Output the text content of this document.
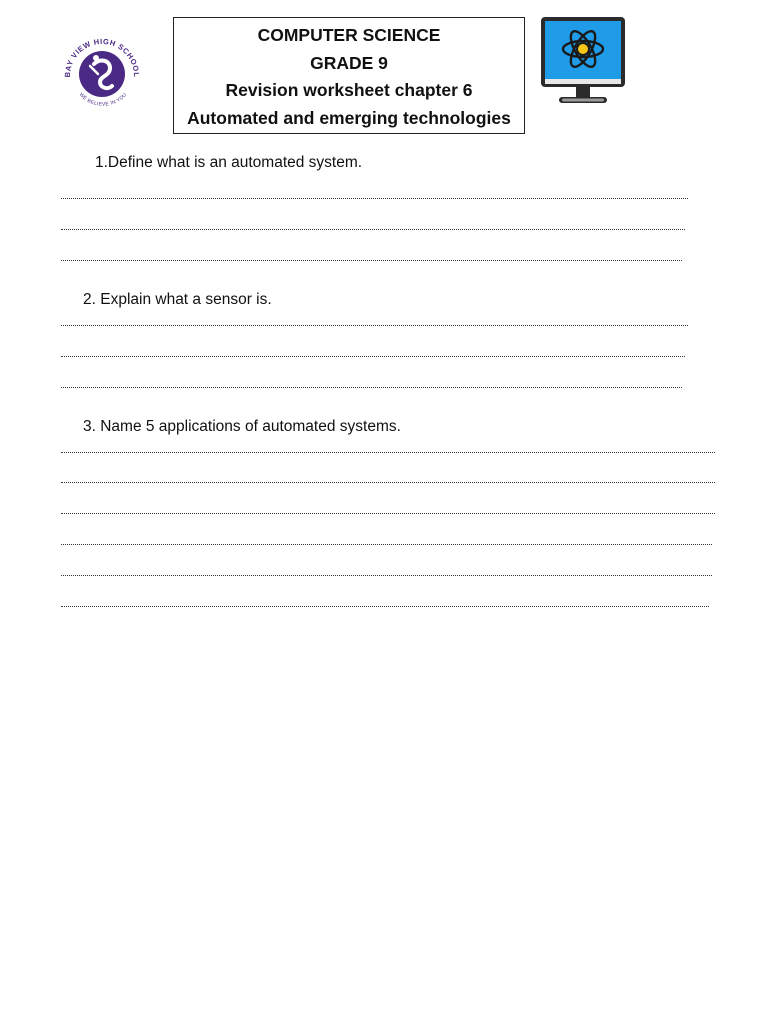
BAY VIEW HIGH SCHOOL
WE BELIEVE IN YOU
COMPUTER SCIENCE
GRADE 9
Revision worksheet chapter 6
Automated and emerging technologies
1.Define what is an automated system.
2. Explain what a sensor is.
3. Name 5 applications of automated systems.
